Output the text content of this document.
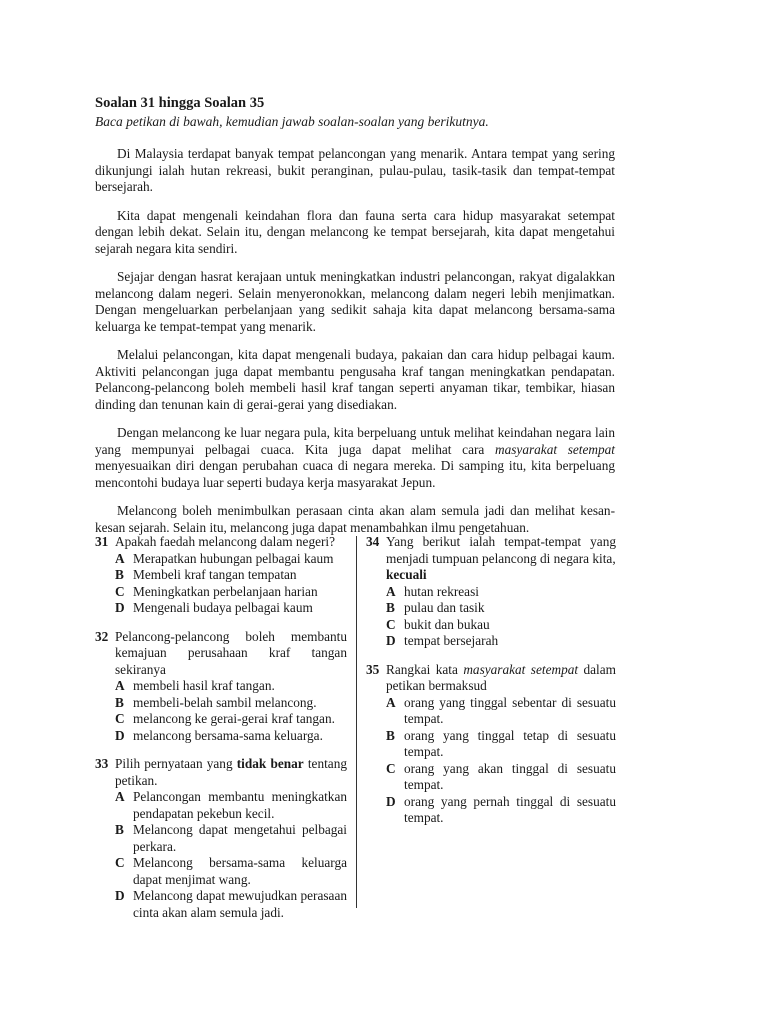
Soalan 31 hingga Soalan 35
Baca petikan di bawah, kemudian jawab soalan-soalan yang berikutnya.

Di Malaysia terdapat banyak tempat pelancongan yang menarik. Antara tempat yang sering dikunjungi ialah hutan rekreasi, bukit peranginan, pulau-pulau, tasik-tasik dan tempat-tempat bersejarah.

Kita dapat mengenali keindahan flora dan fauna serta cara hidup masyarakat setempat dengan lebih dekat. Selain itu, dengan melancong ke tempat bersejarah, kita dapat mengetahui sejarah negara kita sendiri.

Sejajar dengan hasrat kerajaan untuk meningkatkan industri pelancongan, rakyat digalakkan melancong dalam negeri. Selain menyeronokkan, melancong dalam negeri lebih menjimatkan. Dengan mengeluarkan perbelanjaan yang sedikit sahaja kita dapat melancong bersama-sama keluarga ke tempat-tempat yang menarik.

Melalui pelancongan, kita dapat mengenali budaya, pakaian dan cara hidup pelbagai kaum. Aktiviti pelancongan juga dapat membantu pengusaha kraf tangan meningkatkan pendapatan. Pelancong-pelancong boleh membeli hasil kraf tangan seperti anyaman tikar, tembikar, hiasan dinding dan tenunan kain di gerai-gerai yang disediakan.

Dengan melancong ke luar negara pula, kita berpeluang untuk melihat keindahan negara lain yang mempunyai pelbagai cuaca. Kita juga dapat melihat cara masyarakat setempat menyesuaikan diri dengan perubahan cuaca di negara mereka. Di samping itu, kita berpeluang mencontohi budaya luar seperti budaya kerja masyarakat Jepun.

Melancong boleh menimbulkan perasaan cinta akan alam semula jadi dan melihat kesan-kesan sejarah. Selain itu, melancong juga dapat menambahkan ilmu pengetahuan.

31 Apakah faedah melancong dalam negeri?
A Merapatkan hubungan pelbagai kaum
B Membeli kraf tangan tempatan
C Meningkatkan perbelanjaan harian
D Mengenali budaya pelbagai kaum
32 Pelancong-pelancong boleh membantu kemajuan perusahaan kraf tangan sekiranya
A membeli hasil kraf tangan.
B membeli-belah sambil melancong.
C melancong ke gerai-gerai kraf tangan.
D melancong bersama-sama keluarga.
33 Pilih pernyataan yang tidak benar tentang petikan.
A Pelancongan membantu meningkatkan pendapatan pekebun kecil.
B Melancong dapat mengetahui pelbagai perkara.
C Melancong bersama-sama keluarga dapat menjimat wang.
D Melancong dapat mewujudkan perasaan cinta akan alam semula jadi.
34 Yang berikut ialah tempat-tempat yang menjadi tumpuan pelancong di negara kita,
kecuali
A hutan rekreasi
B pulau dan tasik
C bukit dan bukau
D tempat bersejarah
35 Rangkai kata masyarakat setempat dalam petikan bermaksud
A orang yang tinggal sebentar di sesuatu tempat.
B orang yang tinggal tetap di sesuatu tempat.
C orang yang akan tinggal di sesuatu tempat.
D orang yang pernah tinggal di sesuatu tempat.
